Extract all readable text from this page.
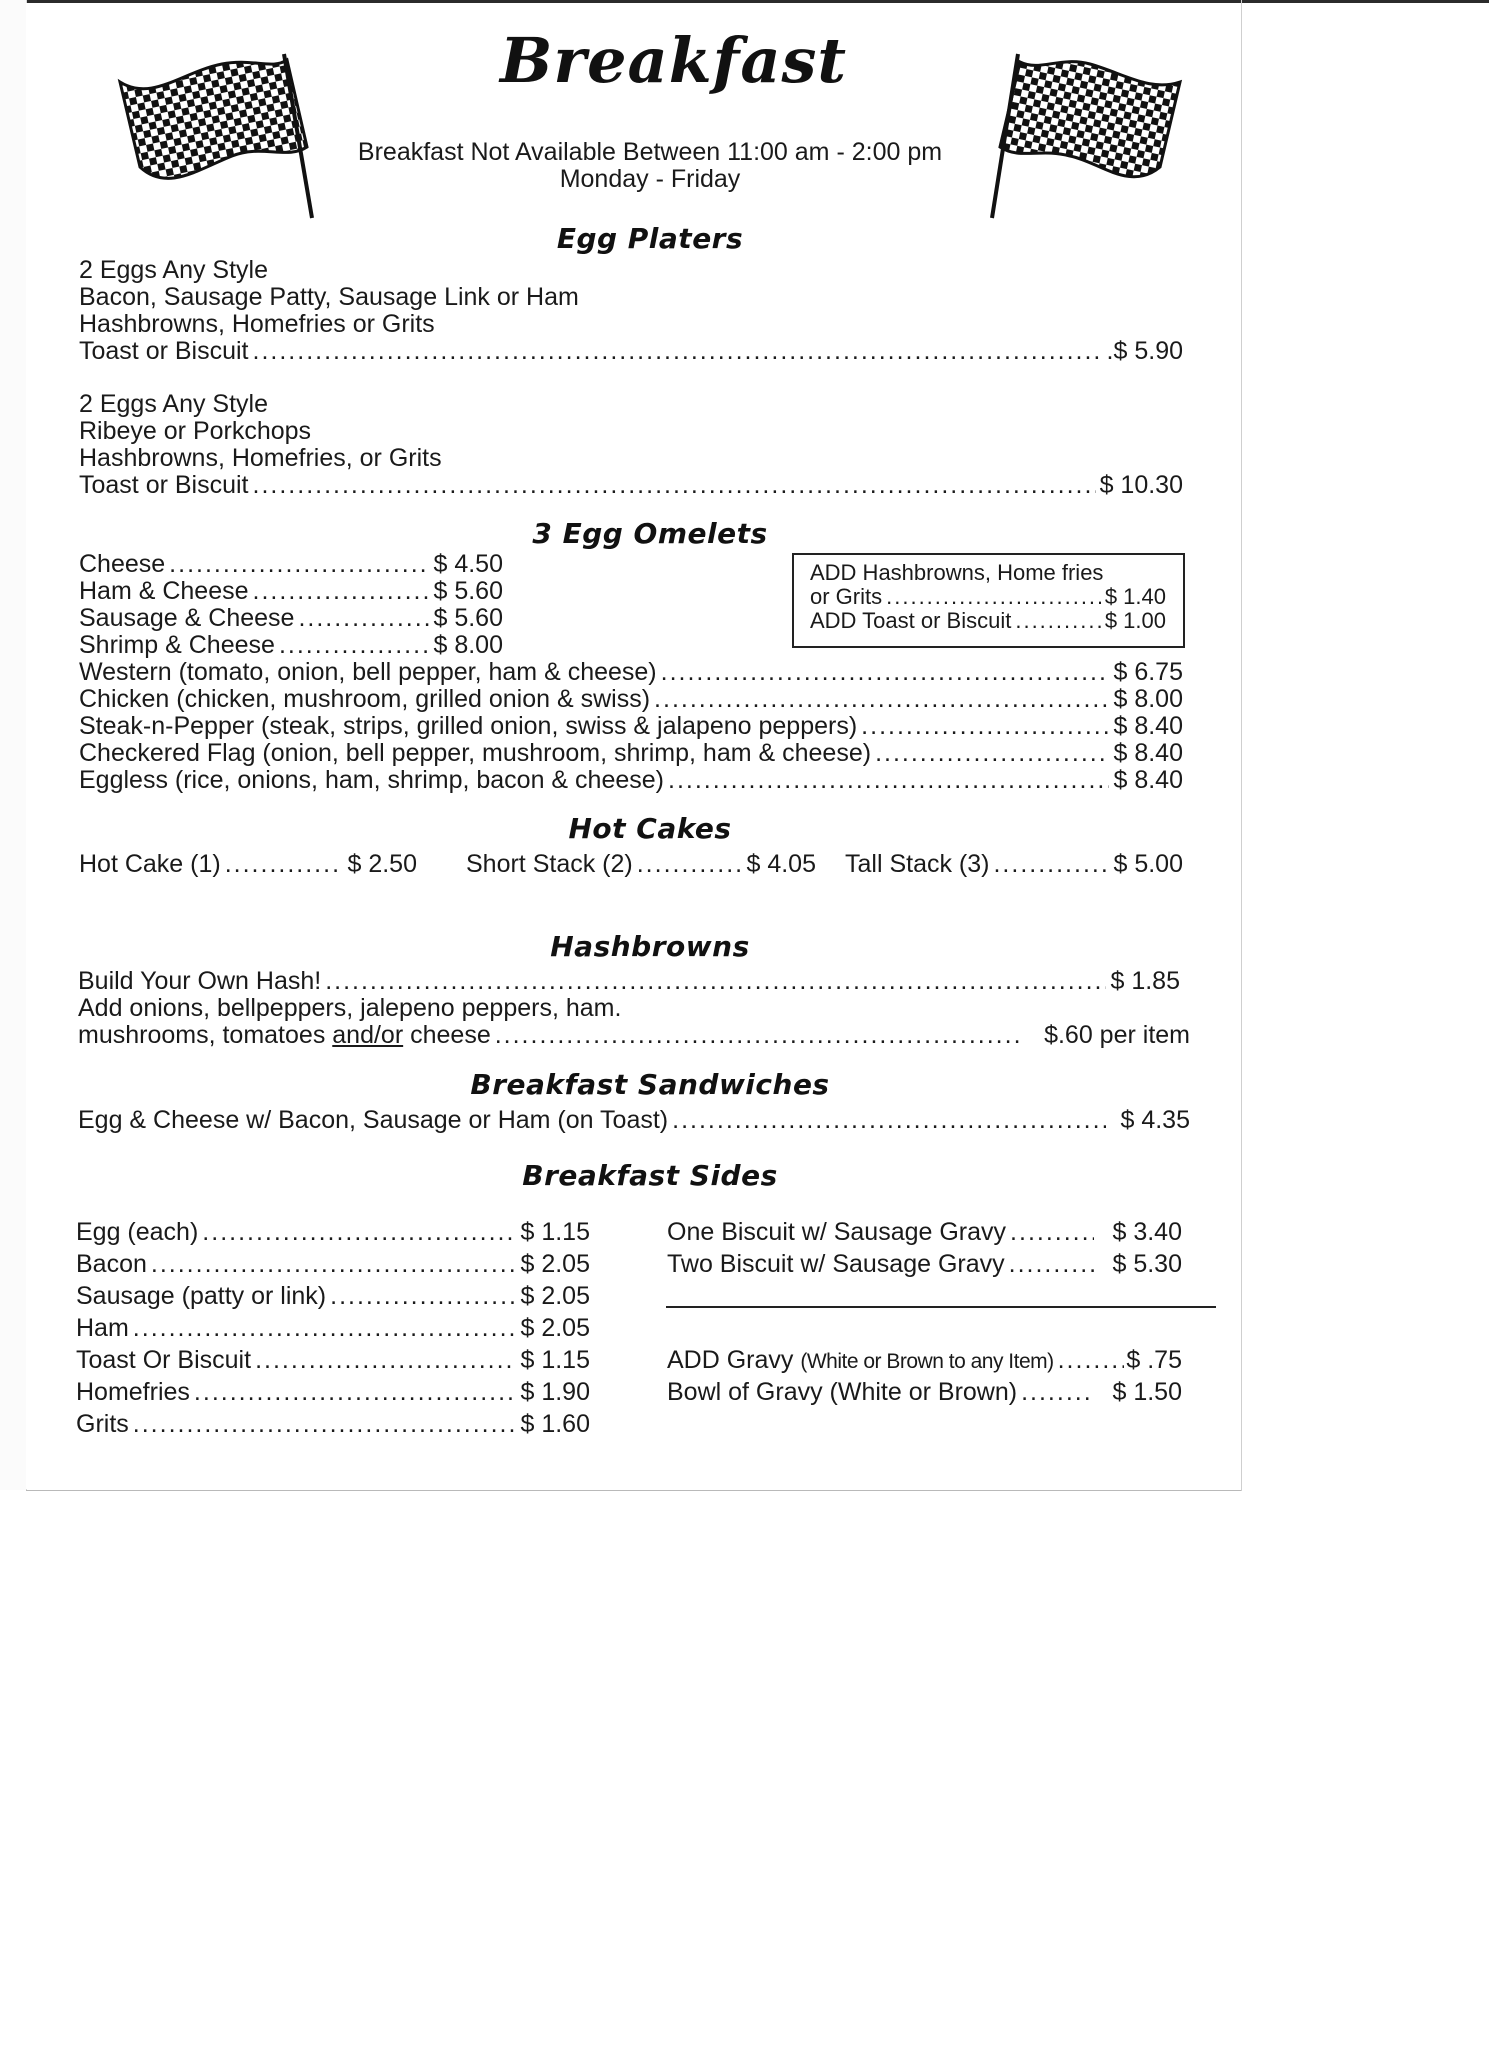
Breakfast
Breakfast Not Available Between 11:00 am - 2:00 pm
Monday - Friday
Egg Platers
2 Eggs Any Style
Bacon, Sausage Patty, Sausage Link or Ham
Hashbrowns, Homefries or Grits
Toast or Biscuit .....	.$ 5.90
2 Eggs Any Style
Ribeye or Porkchops
Hashbrowns, Homefries, or Grits
Toast or Biscuit .....	$ 10.30
3 Egg Omelets
Cheese .....	$ 4.50
Ham & Cheese .....	$ 5.60
Sausage & Cheese .....	$ 5.60
Shrimp & Cheese .....	$ 8.00
ADD Hashbrowns, Home fries
or Grits .....	$ 1.40
ADD Toast or Biscuit .....	$ 1.00
Western (tomato, onion, bell pepper, ham & cheese) .....	$ 6.75
Chicken (chicken, mushroom, grilled onion & swiss) .....	$ 8.00
Steak-n-Pepper (steak, strips, grilled onion, swiss & jalapeno peppers) .....	$ 8.40
Checkered Flag (onion, bell pepper, mushroom, shrimp, ham & cheese) .....	$ 8.40
Eggless (rice, onions, ham, shrimp, bacon & cheese) .....	$ 8.40
Hot Cakes
Hot Cake (1) .....	$ 2.50 Short Stack (2) .....	$ 4.05 Tall Stack (3) .....	$ 5.00
Hashbrowns
Build Your Own Hash! .....	$ 1.85
Add onions, bellpeppers, jalepeno peppers, ham.
mushrooms, tomatoes and/or cheese .....	$.60 per item
Breakfast Sandwiches
Egg & Cheese w/ Bacon, Sausage or Ham (on Toast) .....	$ 4.35
Breakfast Sides
Egg (each) .....	$ 1.15
Bacon .....	$ 2.05
Sausage (patty or link) .....	$ 2.05
Ham .....	$ 2.05
Toast Or Biscuit .....	$ 1.15
Homefries .....	$ 1.90
Grits .....	$ 1.60
One Biscuit w/ Sausage Gravy .....	$ 3.40
Two Biscuit w/ Sausage Gravy .....	$ 5.30
ADD Gravy (White or Brown to any Item) .....	$ .75
Bowl of Gravy (White or Brown) .....	$ 1.50
